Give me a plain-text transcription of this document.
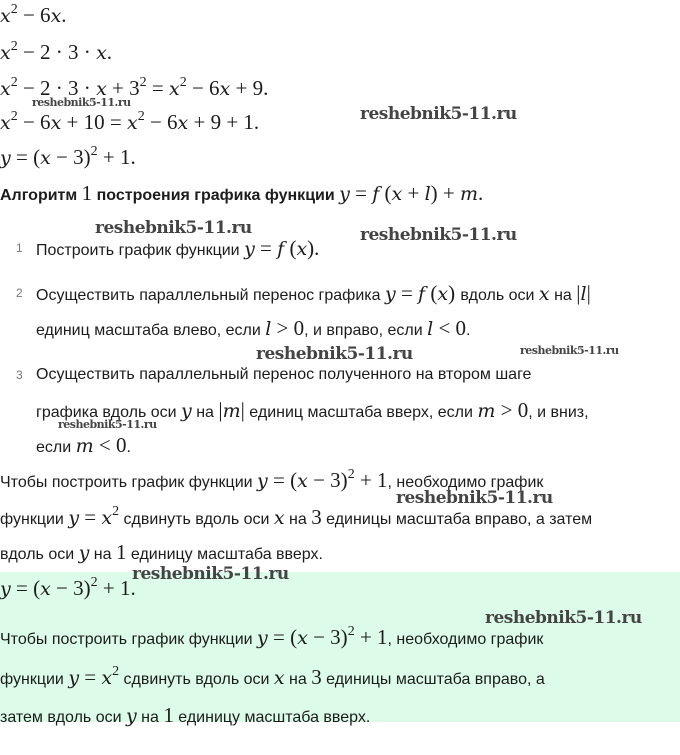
x2 − 6x.
x2 − 2 · 3 · x.
x2 − 2 · 3 · x + 32 = x2 − 6x + 9.
x2 − 6x + 10 = x2 − 6x + 9 + 1.
y = (x − 3)2 + 1.
Алгоритм 1 построения графика функции y = f (x + l) + m.
Построить график функции y = f (x).
Осуществить параллельный перенос графика y = f (x) вдоль оси x на |l|
единиц масштаба влево, если l > 0, и вправо, если l < 0.
Осуществить параллельный перенос полученного на втором шаге
графика вдоль оси y на |m| единиц масштаба вверх, если m > 0, и вниз,
если m < 0.
Чтобы построить график функции y = (x − 3)2 + 1, необходимо график
функции y = x2 сдвинуть вдоль оси x на 3 единицы масштаба вправо, а затем
вдоль оси y на 1 единицу масштаба вверх.
y = (x − 3)2 + 1.
Чтобы построить график функции y = (x − 3)2 + 1, необходимо график
функции y = x2 сдвинуть вдоль оси x на 3 единицы масштаба вправо, а
затем вдоль оси y на 1 единицу масштаба вверх.
1
2
3
reshebnik5-11.ru
reshebnik5-11.ru
reshebnik5-11.ru	reshebnik5-11.ru
reshebnik5-11.ru	reshebnik5-11.ru
reshebnik5-11.ru
reshebnik5-11.ru
reshebnik5-11.ru
reshebnik5-11.ru
